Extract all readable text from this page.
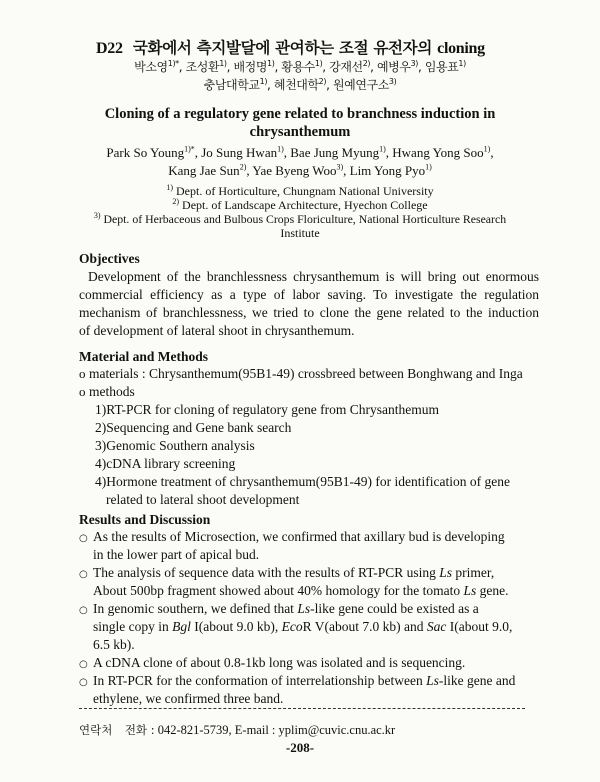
D22 국화에서 측지발달에 관여하는 조절 유전자의 cloning
박소영$^{1)*}$, 조성환$^{1)}$, 배정명$^{1)}$, 황용수$^{1)}$, 강재선$^{2)}$, 예병우$^{3)}$, 임용표$^{1)}$
충남대학교$^{1)}$, 혜천대학$^{2)}$, 원예연구소$^{3)}$
Cloning of a regulatory gene related to branchness induction in
chrysanthemum
Park So Young$^{1)*}$, Jo Sung Hwan$^{1)}$, Bae Jung Myung$^{1)}$, Hwang Yong Soo$^{1)}$,
Kang Jae Sun$^{2)}$, Yae Byeng Woo$^{3)}$, Lim Yong Pyo$^{1)}$
$^{1)}$ Dept. of Horticulture, Chungnam National University
$^{2)}$ Dept. of Landscape Architecture, Hyechon College
$^{3)}$ Dept. of Herbaceous and Bulbous Crops Floriculture, National Horticulture Research
Institute
Objectives
Development of the branchlessness chrysanthemum is will bring out enormous
commercial efficiency as a type of labor saving. To investigate the regulation
mechanism of branchlessness, we tried to clone the gene related to the induction
of development of lateral shoot in chrysanthemum.
Material and Methods
o materials : Chrysanthemum(95B1-49) crossbreed between Bonghwang and Inga
o methods
1)RT-PCR for cloning of regulatory gene from Chrysanthemum
2)Sequencing and Gene bank search
3)Genomic Southern analysis
4)cDNA library screening
4)Hormone treatment of chrysanthemum(95B1-49) for identification of gene
related to lateral shoot development
Results and Discussion
○ As the results of Microsection, we confirmed that axillary bud is developing
in the lower part of apical bud.
○ The analysis of sequence data with the results of RT-PCR using Ls primer,
About 500bp fragment showed about 40% homology for the tomato Ls gene.
○ In genomic southern, we defined that Ls-like gene could be existed as a
single copy in Bgl I(about 9.0 kb), EcoR V(about 7.0 kb) and Sac I(about 9.0,
6.5 kb).
○ A cDNA clone of about 0.8-1kb long was isolated and is sequencing.
○ In RT-PCR for the conformation of interrelationship between Ls-like gene and
ethylene, we confirmed three band.
연락처 전화 : 042-821-5739, E-mail : yplim@cuvic.cnu.ac.kr
-208-
